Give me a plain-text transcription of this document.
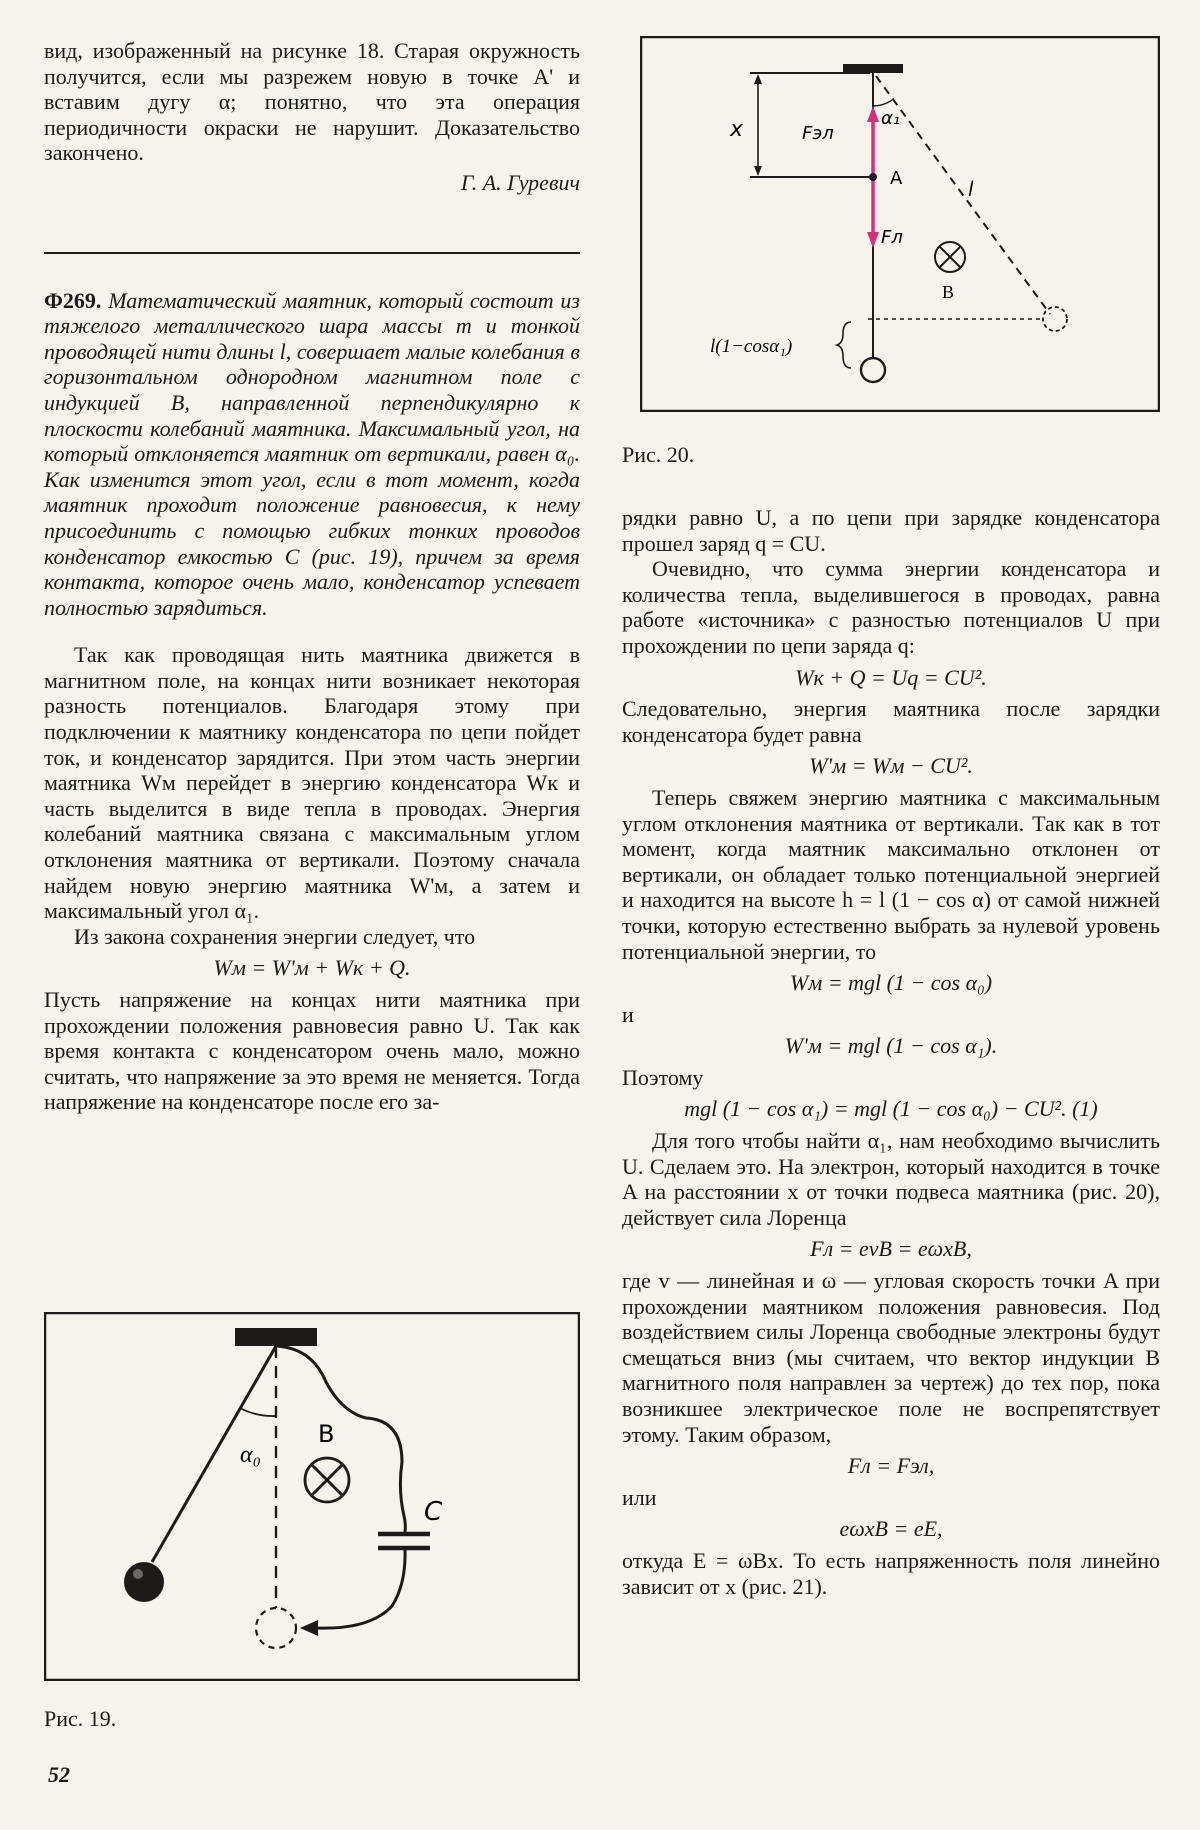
вид, изображенный на рисунке 18. Старая окружность получится, если мы разрежем новую в точке A' и вставим дугу α; понятно, что эта операция периодичности окраски не нарушит. Доказательство закончено.

Г. А. Гуревич

Ф269. Математический маятник, который состоит из тяжелого металлического шара массы m и тонкой проводящей нити длины l, совершает малые колебания в горизонтальном однородном магнитном поле с индукцией B, направленной перпендикулярно к плоскости колебаний маятника. Максимальный угол, на который отклоняется маятник от вертикали, равен α₀. Как изменится этот угол, если в тот момент, когда маятник проходит положение равновесия, к нему присоединить с помощью гибких тонких проводов конденсатор емкостью C (рис. 19), причем за время контакта, которое очень мало, конденсатор успевает полностью зарядиться.

Так как проводящая нить маятника движется в магнитном поле, на концах нити возникает некоторая разность потенциалов. Благодаря этому при подключении к маятнику конденсатора по цепи пойдет ток, и конденсатор зарядится. При этом часть энергии маятника Wм перейдет в энергию конденсатора Wк и часть выделится в виде тепла в проводах. Энергия колебаний маятника связана с максимальным углом отклонения маятника от вертикали. Поэтому сначала найдем новую энергию маятника W'м, а затем и максимальный угол α₁.

Из закона сохранения энергии следует, что

Wм = W'м + Wк + Q.

Пусть напряжение на концах нити маятника при прохождении положения равновесия равно U. Так как время контакта с конденсатором очень мало, можно считать, что напряжение за это время не меняется. Тогда напряжение на конденсаторе после его за-

x	Fэл
α₁
A
Fл
l
B
l(1−cosα₁)
Рис. 20.

рядки равно U, а по цепи при зарядке конденсатора прошел заряд q = CU.

Очевидно, что сумма энергии конденсатора и количества тепла, выделившегося в проводах, равна работе «источника» с разностью потенциалов U при прохождении по цепи заряда q:

Wк + Q = Uq = CU².

Следовательно, энергия маятника после зарядки конденсатора будет равна

W'м = Wм − CU².

Теперь свяжем энергию маятника с максимальным углом отклонения маятника от вертикали. Так как в тот момент, когда маятник максимально отклонен от вертикали, он обладает только потенциальной энергией и находится на высоте h = l (1 − cos α) от самой нижней точки, которую естественно выбрать за нулевой уровень потенциальной энергии, то

Wм = mgl (1 − cos α₀)

и

W'м = mgl (1 − cos α₁).

Поэтому

mgl (1 − cos α₁) = mgl (1 − cos α₀) − CU². (1)

Для того чтобы найти α₁, нам необходимо вычислить U. Сделаем это. На электрон, который находится в точке A на расстоянии x от точки подвеса маятника (рис. 20), действует сила Лоренца

Fл = evB = eωxB,

где v — линейная и ω — угловая скорость точки A при прохождении маятником положения равновесия. Под воздействием силы Лоренца свободные электроны будут смещаться вниз (мы считаем, что вектор индукции B магнитного поля направлен за чертеж) до тех пор, пока возникшее электрическое поле не воспрепятствует этому. Таким образом,

Fл = Fэл,

или

eωxB = eE,

откуда E = ωBx. То есть напряженность поля линейно зависит от x (рис. 21).

α₀
B
C
Рис. 19.
52
